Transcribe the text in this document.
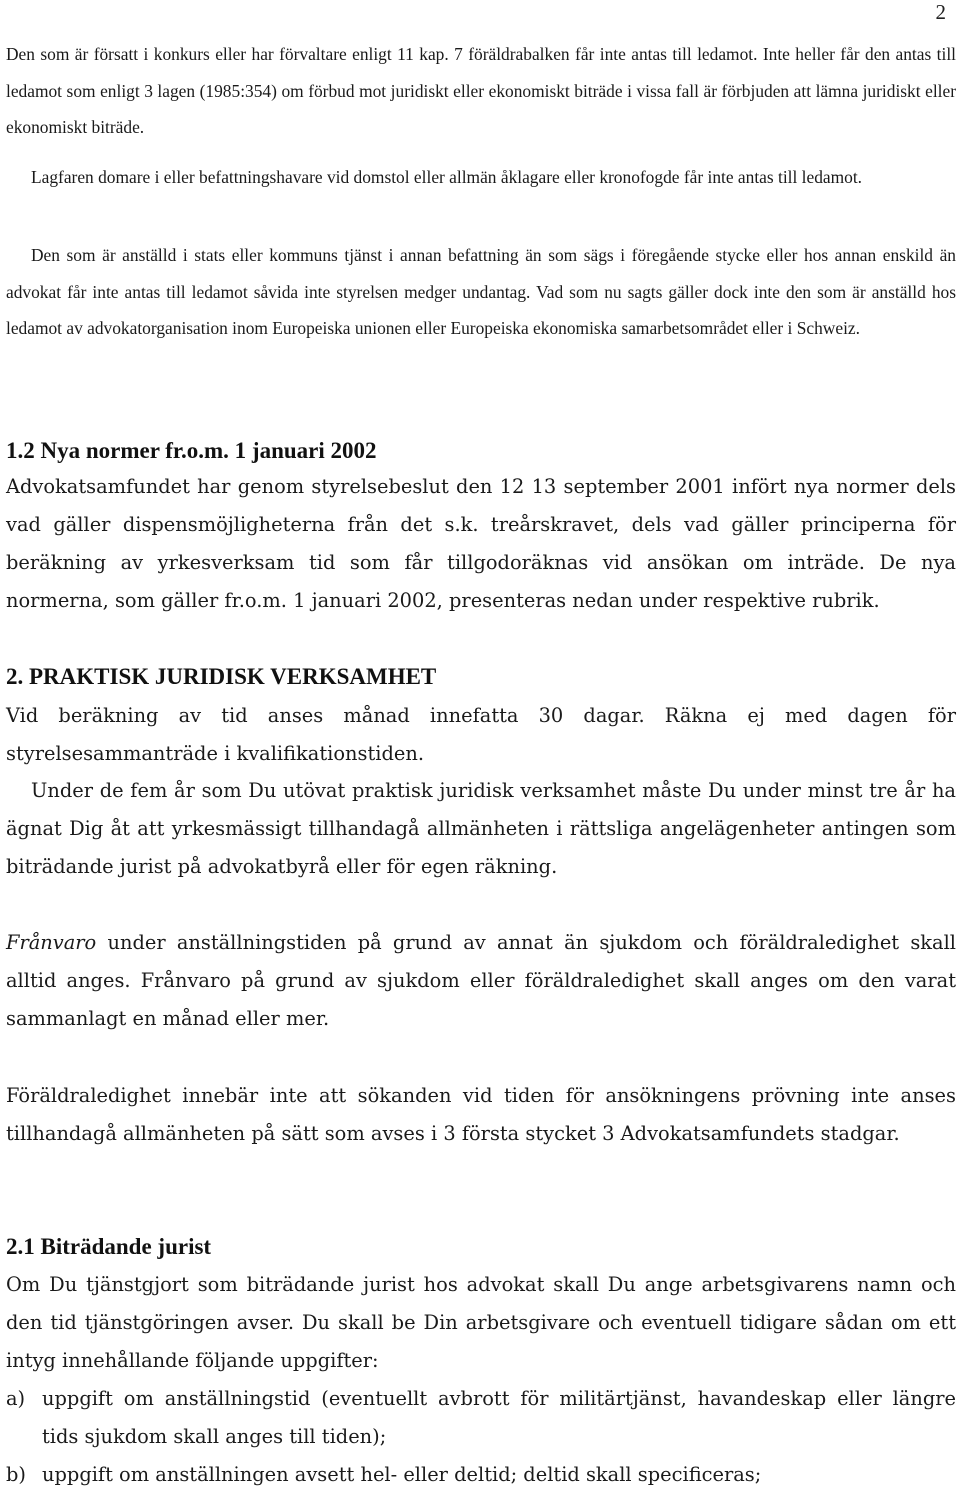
2

Den som är försatt i konkurs eller har förvaltare enligt 11 kap. 7 föräldrabalken får inte antas till ledamot. Inte heller får den antas till ledamot som enligt 3 lagen (1985:354) om förbud mot juridiskt eller ekonomiskt biträde i vissa fall är förbjuden att lämna juridiskt eller ekonomiskt biträde.

Lagfaren domare i eller befattningshavare vid domstol eller allmän åklagare eller kronofogde får inte antas till ledamot.

Den som är anställd i stats eller kommuns tjänst i annan befattning än som sägs i föregående stycke eller hos annan enskild än advokat får inte antas till ledamot såvida inte styrelsen medger undantag. Vad som nu sagts gäller dock inte den som är anställd hos ledamot av advokatorganisation inom Europeiska unionen eller Europeiska ekonomiska samarbetsområdet eller i Schweiz.

1.2 Nya normer fr.o.m. 1 januari 2002

Advokatsamfundet har genom styrelsebeslut den 12 13 september 2001 infört nya normer dels vad gäller dispensmöjligheterna från det s.k. treårskravet, dels vad gäller principerna för beräkning av yrkesverksam tid som får tillgodoräknas vid ansökan om inträde. De nya normerna, som gäller fr.o.m. 1 januari 2002, presenteras nedan under respektive rubrik.

2. PRAKTISK JURIDISK VERKSAMHET

Vid beräkning av tid anses månad innefatta 30 dagar. Räkna ej med dagen för styrelsesammanträde i kvalifikationstiden.

Under de fem år som Du utövat praktisk juridisk verksamhet måste Du under minst tre år ha ägnat Dig åt att yrkesmässigt tillhandagå allmänheten i rättsliga angelägenheter antingen som biträdande jurist på advokatbyrå eller för egen räkning.

Frånvaro under anställningstiden på grund av annat än sjukdom och föräldraledighet skall alltid anges. Frånvaro på grund av sjukdom eller föräldraledighet skall anges om den varat sammanlagt en månad eller mer.

Föräldraledighet innebär inte att sökanden vid tiden för ansökningens prövning inte anses tillhandagå allmänheten på sätt som avses i 3 första stycket 3 Advokatsamfundets stadgar.

2.1 Biträdande jurist

Om Du tjänstgjort som biträdande jurist hos advokat skall Du ange arbetsgivarens namn och den tid tjänstgöringen avser. Du skall be Din arbetsgivare och eventuell tidigare sådan om ett intyg innehållande följande uppgifter:

a) uppgift om anställningstid (eventuellt avbrott för militärtjänst, havandeskap eller längre tids sjukdom skall anges till tiden);
b) uppgift om anställningen avsett hel- eller deltid; deltid skall specificeras;
